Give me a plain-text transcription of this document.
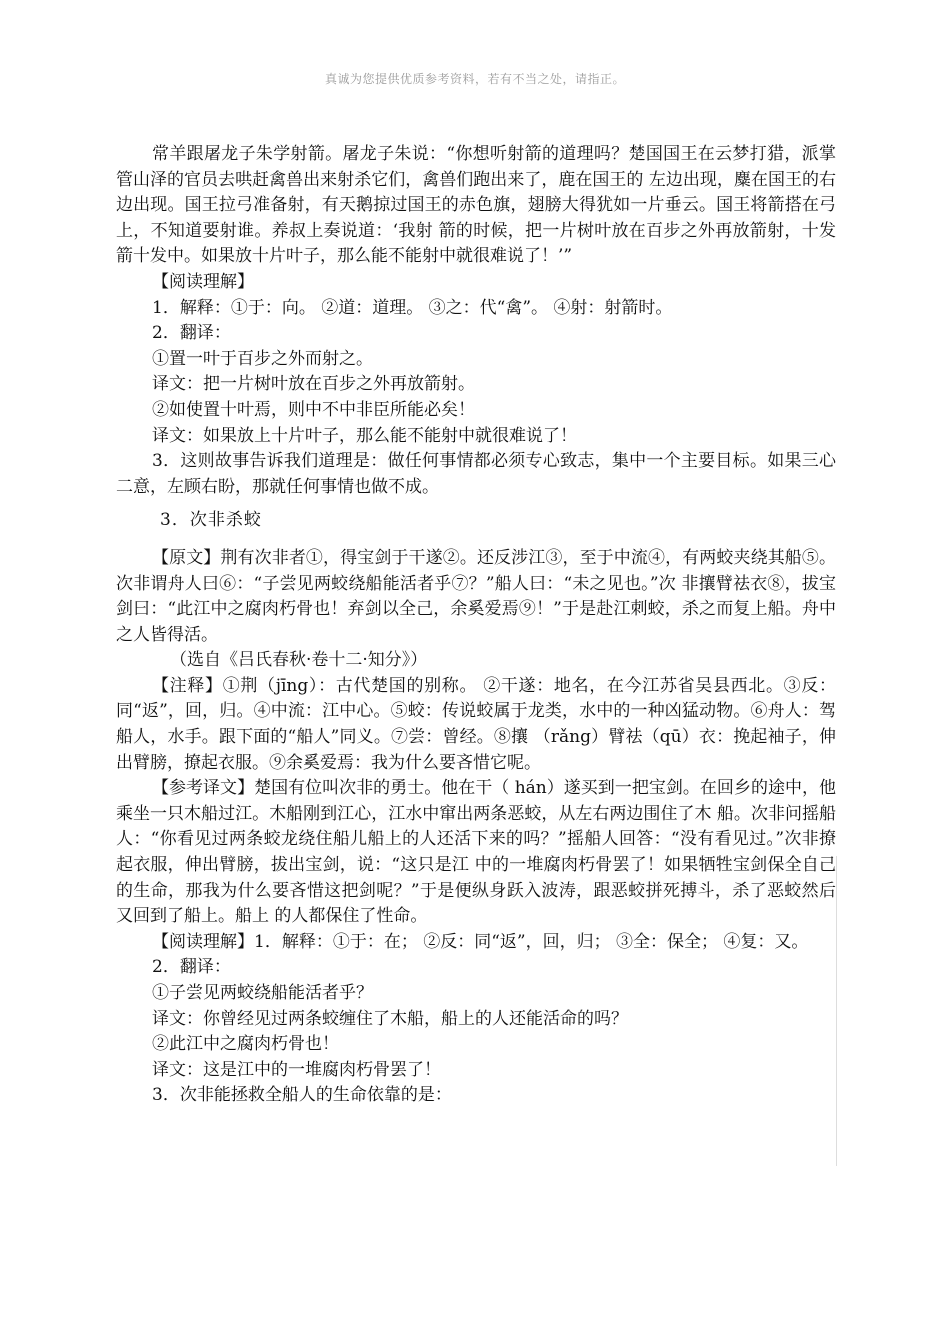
真诚为您提供优质参考资料，若有不当之处，请指正。

常羊跟屠龙子朱学射箭。屠龙子朱说：“你想听射箭的道理吗？楚国国王在云梦打猎，派掌管山泽的官员去哄赶禽兽出来射杀它们，禽兽们跑出来了，鹿在国王的 左边出现，麋在国王的右边出现。国王拉弓准备射，有天鹅掠过国王的赤色旗，翅膀大得犹如一片垂云。国王将箭搭在弓上，不知道要射谁。养叔上奏说道：‘我射 箭的时候，把一片树叶放在百步之外再放箭射，十发箭十发中。如果放十片叶子，那么能不能射中就很难说了！’”

【阅读理解】

1．解释：①于：向。 ②道：道理。 ③之：代“禽”。 ④射：射箭时。

2．翻译：

①置一叶于百步之外而射之。

译文：把一片树叶放在百步之外再放箭射。

②如使置十叶焉，则中不中非臣所能必矣！

译文：如果放上十片叶子，那么能不能射中就很难说了！

3．这则故事告诉我们道理是：做任何事情都必须专心致志，集中一个主要目标。如果三心二意，左顾右盼，那就任何事情也做不成。

3．次非杀蛟

【原文】荆有次非者①，得宝剑于干遂②。还反涉江③，至于中流④，有两蛟夹绕其船⑤。次非谓舟人曰⑥：“子尝见两蛟绕船能活者乎⑦？”船人曰：“未之见也。”次 非攘臂祛衣⑧，拔宝剑曰：“此江中之腐肉朽骨也！弃剑以全己，余奚爱焉⑨！”于是赴江刺蛟，杀之而复上船。舟中之人皆得活。

（选自《吕氏春秋·卷十二·知分》）

【注释】①荆（jīng）：古代楚国的别称。 ②干遂：地名，在今江苏省吴县西北。③反：同“返”，回，归。④中流：江中心。⑤蛟：传说蛟属于龙类，水中的一种凶猛动物。⑥舟人：驾船人，水手。跟下面的“船人”同义。⑦尝：曾经。⑧攘 （rǎng）臂祛（qū）衣：挽起袖子，伸出臂膀，撩起衣服。⑨余奚爱焉：我为什么要吝惜它呢。

【参考译文】楚国有位叫次非的勇士。他在干（ hán）遂买到一把宝剑。在回乡的途中，他乘坐一只木船过江。木船刚到江心，江水中窜出两条恶蛟，从左右两边围住了木 船。次非问摇船人：“你看见过两条蛟龙绕住船儿船上的人还活下来的吗？”摇船人回答：“没有看见过。”次非撩起衣服，伸出臂膀，拔出宝剑，说：“这只是江 中的一堆腐肉朽骨罢了！如果牺牲宝剑保全自己的生命，那我为什么要吝惜这把剑呢？”于是便纵身跃入波涛，跟恶蛟拼死搏斗，杀了恶蛟然后又回到了船上。船上 的人都保住了性命。

【阅读理解】1．解释：①于：在； ②反：同“返”，回，归； ③全：保全； ④复：又。

2．翻译：

①子尝见两蛟绕船能活者乎？

译文：你曾经见过两条蛟缠住了木船，船上的人还能活命的吗？

②此江中之腐肉朽骨也！

译文：这是江中的一堆腐肉朽骨罢了！

3．次非能拯救全船人的生命依靠的是：
